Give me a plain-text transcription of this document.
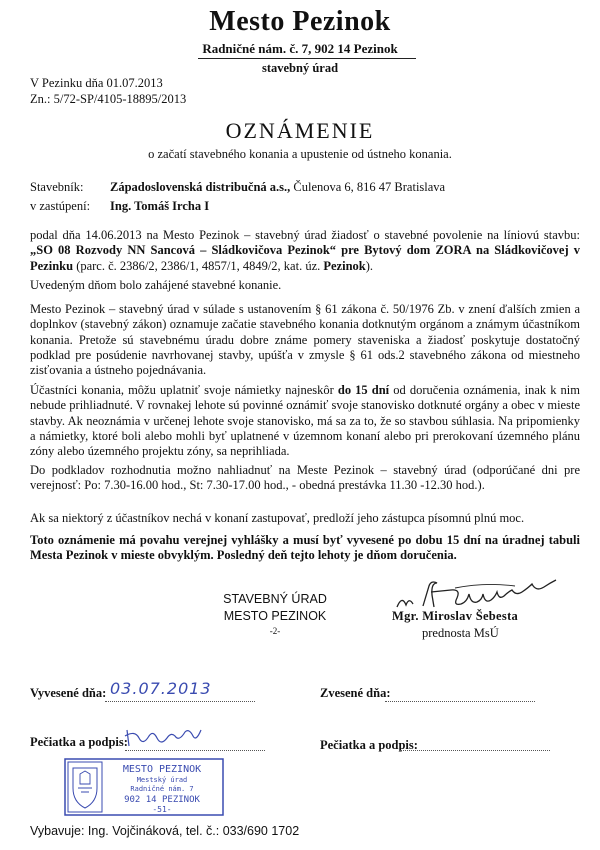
Mesto Pezinok
Radničné nám. č. 7, 902 14 Pezinok
stavebný úrad
V Pezinku dňa 01.07.2013
Zn.: 5/72-SP/4105-18895/2013
OZNÁMENIE
o začatí stavebného konania a upustenie od ústneho konania.
Stavebník: Západoslovenská distribučná a.s., Čulenova 6, 816 47 Bratislava
v zastúpení: Ing. Tomáš Ircha I

podal dňa 14.06.2013 na Mesto Pezinok – stavebný úrad žiadosť o stavebné povolenie na líniovú stavbu: „SO 08 Rozvody NN Sancová – Sládkovičova Pezinok“ pre Bytový dom ZORA na Sládkovičovej v Pezinku (parc. č. 2386/2, 2386/1, 4857/1, 4849/2, kat. úz. Pezinok).

Uvedeným dňom bolo zahájené stavebné konanie.

Mesto Pezinok – stavebný úrad v súlade s ustanovením § 61 zákona č. 50/1976 Zb. v znení ďalších zmien a doplnkov (stavebný zákon) oznamuje začatie stavebného konania dotknutým orgánom a známym účastníkom konania. Pretože sú stavebnému úradu dobre známe pomery staveniska a žiadosť poskytuje dostatočný podklad pre posúdenie navrhovanej stavby, upúšťa v zmysle § 61 ods.2 stavebného zákona od miestneho zisťovania a ústneho pojednávania.

Účastníci konania, môžu uplatniť svoje námietky najneskôr do 15 dní od doručenia oznámenia, inak k nim nebude prihliadnuté. V rovnakej lehote sú povinné oznámiť svoje stanovisko dotknuté orgány a obec v mieste stavby. Ak neoznámia v určenej lehote svoje stanovisko, má sa za to, že so stavbou súhlasia. Na pripomienky a námietky, ktoré boli alebo mohli byť uplatnené v územnom konaní alebo pri prerokovaní územného plánu zóny alebo územného projektu zóny, sa neprihliada.

Do podkladov rozhodnutia možno nahliadnuť na Meste Pezinok – stavebný úrad (odporúčané dni pre verejnosť: Po: 7.30-16.00 hod., St: 7.30-17.00 hod., - obedná prestávka 11.30 -12.30 hod.).

Ak sa niektorý z účastníkov nechá v konaní zastupovať, predloží jeho zástupca písomnú plnú moc.

Toto oznámenie má povahu verejnej vyhlášky a musí byť vyvesené po dobu 15 dní na úradnej tabuli Mesta Pezinok v mieste obvyklým. Posledný deň tejto lehoty je dňom doručenia.

STAVEBNÝ ÚRAD
MESTO PEZINOK
-2-
Mgr. Miroslav Šebesta
prednosta MsÚ
Vyvesené dňa: 03.07.2013	Zvesené dňa:
Pečiatka a podpis:	Pečiatka a podpis:
MESTO PEZINOK
Mestský úrad
Radničné nám. 7
902 14 PEZINOK
-51-
Vybavuje: Ing. Vojčináková, tel. č.: 033/690 1702
